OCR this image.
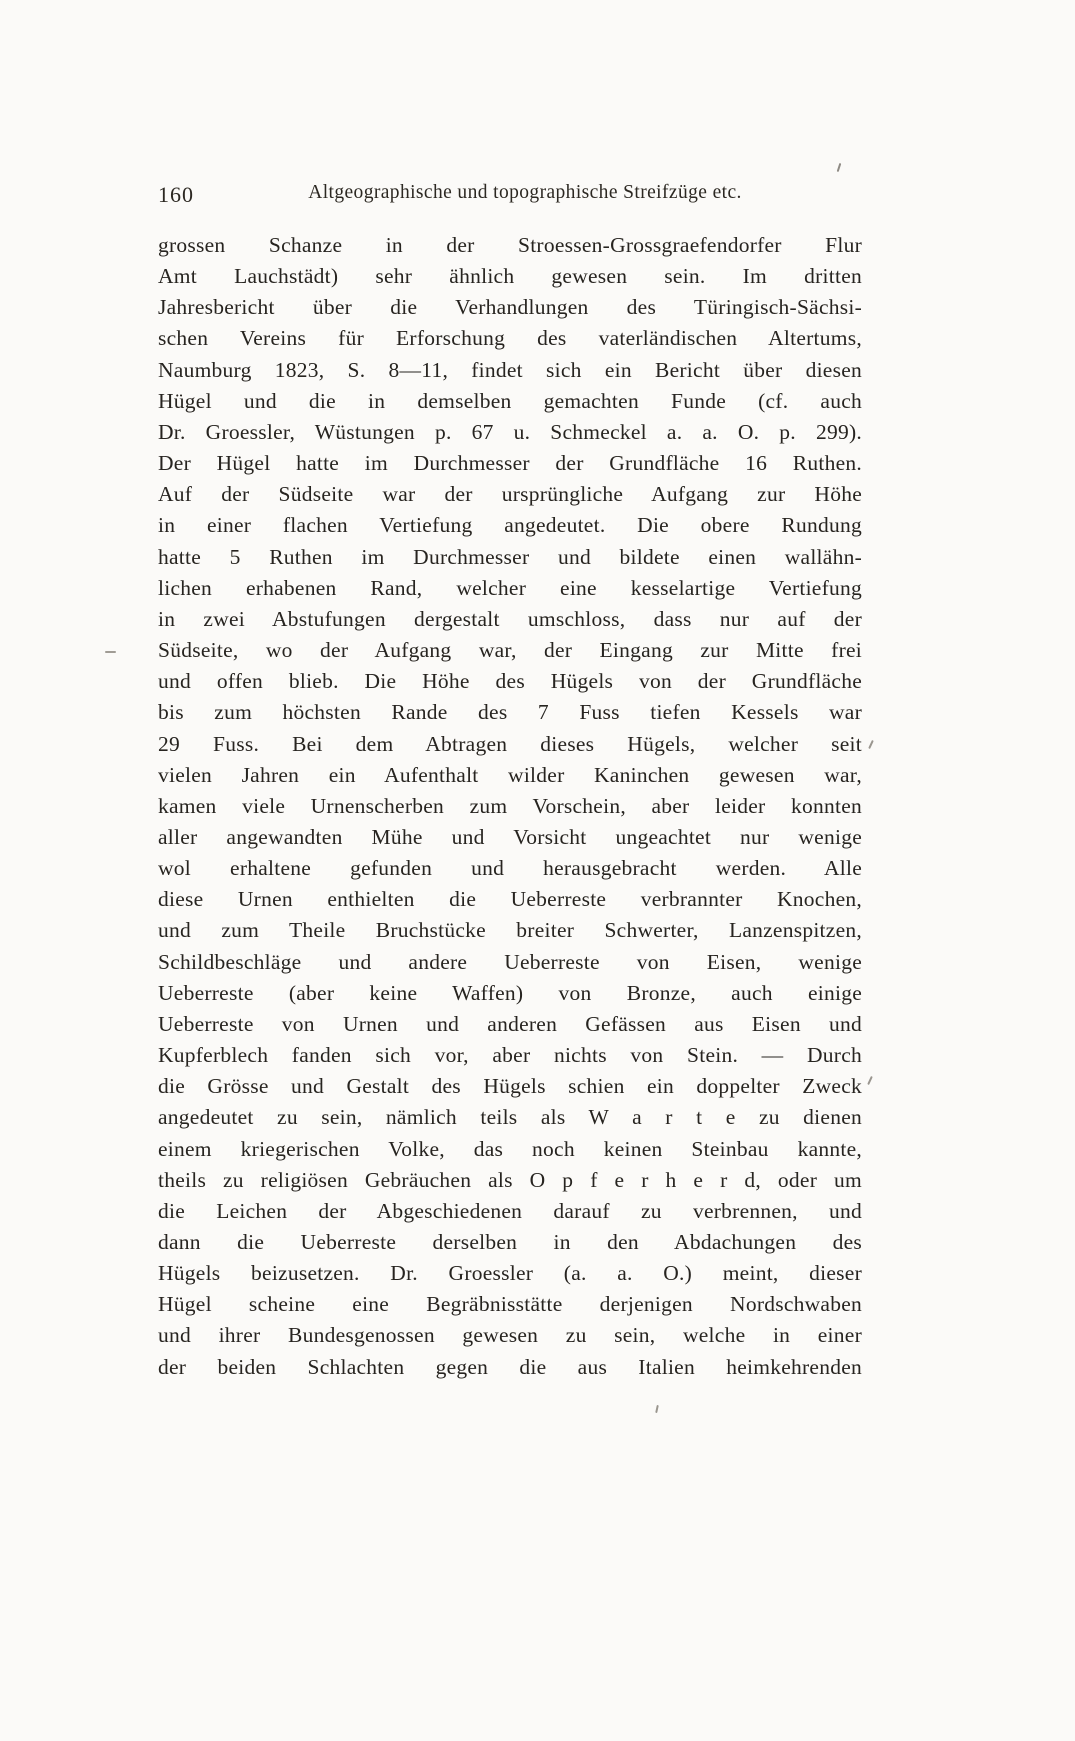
160	Altgeographische und topographische Streifzüge etc.
grossen Schanze in der Stroessen-Grossgraefendorfer Flur
Amt Lauchstädt) sehr ähnlich gewesen sein. Im dritten
Jahresbericht über die Verhandlungen des Türingisch-Sächsi-
schen Vereins für Erforschung des vaterländischen Altertums,
Naumburg 1823, S. 8—11, findet sich ein Bericht über diesen
Hügel und die in demselben gemachten Funde (cf. auch
Dr. Groessler, Wüstungen p. 67 u. Schmeckel a. a. O. p. 299).
Der Hügel hatte im Durchmesser der Grundfläche 16 Ruthen.
Auf der Südseite war der ursprüngliche Aufgang zur Höhe
in einer flachen Vertiefung angedeutet. Die obere Rundung
hatte 5 Ruthen im Durchmesser und bildete einen wallähn-
lichen erhabenen Rand, welcher eine kesselartige Vertiefung
in zwei Abstufungen dergestalt umschloss, dass nur auf der
Südseite, wo der Aufgang war, der Eingang zur Mitte frei
und offen blieb. Die Höhe des Hügels von der Grundfläche
bis zum höchsten Rande des 7 Fuss tiefen Kessels war
29 Fuss. Bei dem Abtragen dieses Hügels, welcher seit
vielen Jahren ein Aufenthalt wilder Kaninchen gewesen war,
kamen viele Urnenscherben zum Vorschein, aber leider konnten
aller angewandten Mühe und Vorsicht ungeachtet nur wenige
wol erhaltene gefunden und herausgebracht werden. Alle
diese Urnen enthielten die Ueberreste verbrannter Knochen,
und zum Theile Bruchstücke breiter Schwerter, Lanzenspitzen,
Schildbeschläge und andere Ueberreste von Eisen, wenige
Ueberreste (aber keine Waffen) von Bronze, auch einige
Ueberreste von Urnen und anderen Gefässen aus Eisen und
Kupferblech fanden sich vor, aber nichts von Stein. — Durch
die Grösse und Gestalt des Hügels schien ein doppelter Zweck
angedeutet zu sein, nämlich teils als W a r t e zu dienen
einem kriegerischen Volke, das noch keinen Steinbau kannte,
theils zu religiösen Gebräuchen als O p f e r h e r d, oder um
die Leichen der Abgeschiedenen darauf zu verbrennen, und
dann die Ueberreste derselben in den Abdachungen des
Hügels beizusetzen. Dr. Groessler (a. a. O.) meint, dieser
Hügel scheine eine Begräbnisstätte derjenigen Nordschwaben
und ihrer Bundesgenossen gewesen zu sein, welche in einer
der beiden Schlachten gegen die aus Italien heimkehrenden
